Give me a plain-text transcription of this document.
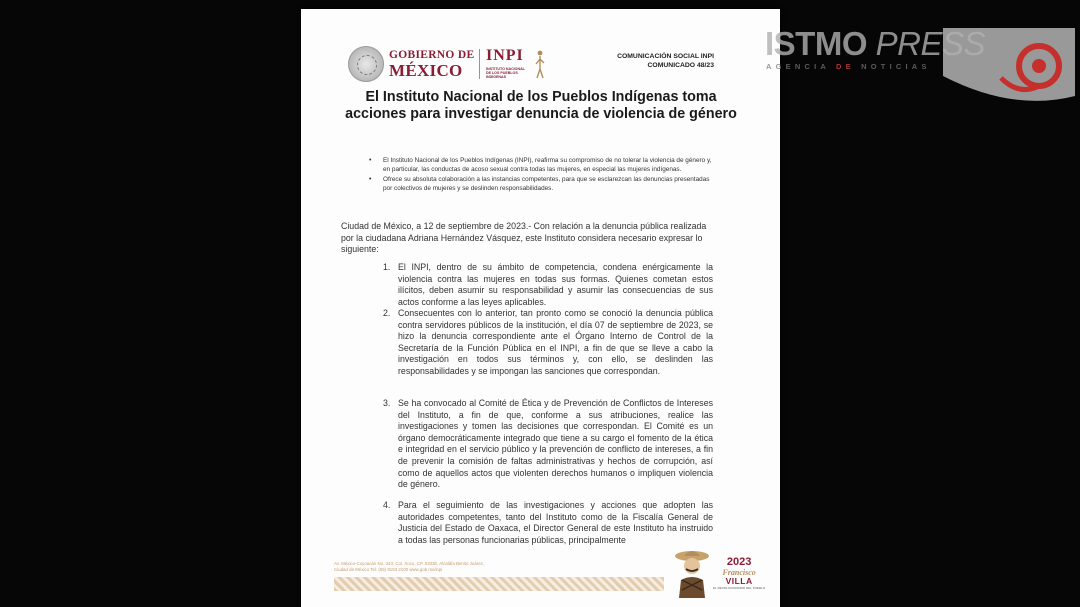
GOBIERNO DE
MÉXICO
INPI
INSTITUTO NACIONAL DE LOS PUEBLOS INDÍGENAS
COMUNICACIÓN SOCIAL INPI
COMUNICADO 48/23
El Instituto Nacional de los Pueblos Indígenas toma acciones para investigar denuncia de violencia de género
• El Instituto Nacional de los Pueblos Indígenas (INPI), reafirma su compromiso de no tolerar la violencia de género y, en particular, las conductas de acoso sexual contra todas las mujeres, en especial las mujeres indígenas.
• Ofrece su absoluta colaboración a las instancias competentes, para que se esclarezcan las denuncias presentadas por colectivos de mujeres y se deslinden responsabilidades.

Ciudad de México, a 12 de septiembre de 2023.- Con relación a la denuncia pública realizada por la ciudadana Adriana Hernández Vásquez, este Instituto considera necesario expresar lo siguiente:

1. El INPI, dentro de su ámbito de competencia, condena enérgicamente la violencia contra las mujeres en todas sus formas. Quienes cometan estos ilícitos, deben asumir su responsabilidad y asumir las consecuencias de sus actos conforme a las leyes aplicables.

2. Consecuentes con lo anterior, tan pronto como se conoció la denuncia pública contra servidores públicos de la institución, el día 07 de septiembre de 2023, se hizo la denuncia correspondiente ante el Órgano Interno de Control de la Secretaría de la Función Pública en el INPI, a fin de que se lleve a cabo la investigación en todos sus términos y, con ello, se deslinden las responsabilidades y se impongan las sanciones que correspondan.

3. Se ha convocado al Comité de Ética y de Prevención de Conflictos de Intereses del Instituto, a fin de que, conforme a sus atribuciones, realice las investigaciones y tomen las decisiones que correspondan. El Comité es un órgano democráticamente integrado que tiene a su cargo el fomento de la ética e integridad en el servicio público y la prevención de conflicto de intereses, a fin de prevenir la comisión de faltas administrativas y hechos de corrupción, así como de aquellos actos que violenten derechos humanos o impliquen violencia de género.

4. Para el seguimiento de las investigaciones y acciones que adopten las autoridades competentes, tanto del Instituto como de la Fiscalía General de Justicia del Estado de Oaxaca, el Director General de este Instituto ha instruido a todas las personas funcionarias públicas, principalmente

Av. México-Coyoacán No. 343, Col. Xoco, CP. 03330, Alcaldía Benito Juárez,
Ciudad de México Tel. (55) 9183 2100 www.gob.mx/inpi
2023
Francisco
VILLA
EL REVOLUCIONARIO DEL PUEBLO
ISTMO PRESS
AGENCIA DE NOTICIAS
